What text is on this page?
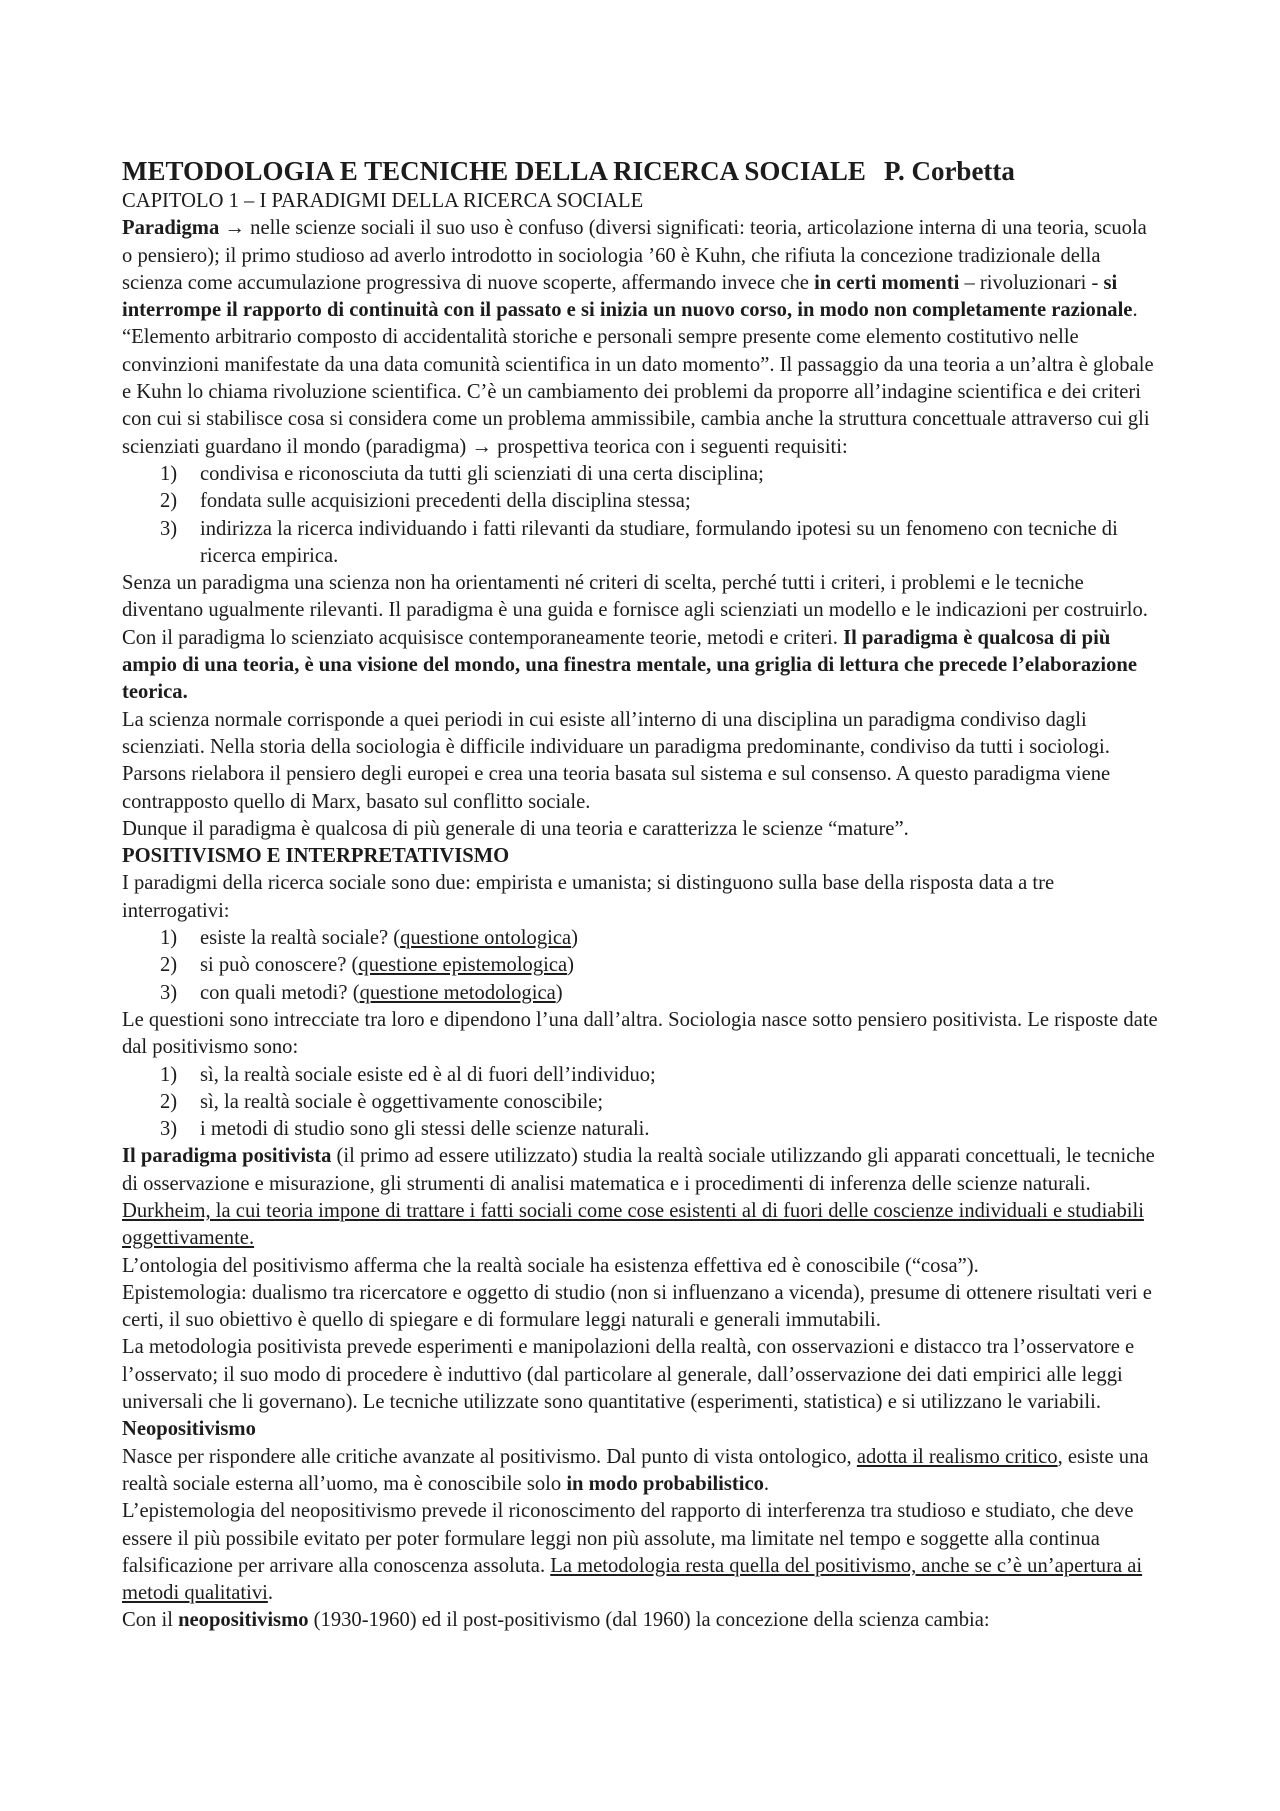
METODOLOGIA E TECNICHE DELLA RICERCA SOCIALE P. Corbetta

CAPITOLO 1 – I PARADIGMI DELLA RICERCA SOCIALE

Paradigma → nelle scienze sociali il suo uso è confuso (diversi significati: teoria, articolazione interna di una teoria, scuola o pensiero); il primo studioso ad averlo introdotto in sociologia ’60 è Kuhn, che rifiuta la concezione tradizionale della scienza come accumulazione progressiva di nuove scoperte, affermando invece che in certi momenti – rivoluzionari - si interrompe il rapporto di continuità con il passato e si inizia un nuovo corso, in modo non completamente razionale. “Elemento arbitrario composto di accidentalità storiche e personali sempre presente come elemento costitutivo nelle convinzioni manifestate da una data comunità scientifica in un dato momento”. Il passaggio da una teoria a un’altra è globale e Kuhn lo chiama rivoluzione scientifica. C’è un cambiamento dei problemi da proporre all’indagine scientifica e dei criteri con cui si stabilisce cosa si considera come un problema ammissibile, cambia anche la struttura concettuale attraverso cui gli scienziati guardano il mondo (paradigma) → prospettiva teorica con i seguenti requisiti:

1) condivisa e riconosciuta da tutti gli scienziati di una certa disciplina;
2) fondata sulle acquisizioni precedenti della disciplina stessa;
3) indirizza la ricerca individuando i fatti rilevanti da studiare, formulando ipotesi su un fenomeno con tecniche di ricerca empirica.

Senza un paradigma una scienza non ha orientamenti né criteri di scelta, perché tutti i criteri, i problemi e le tecniche diventano ugualmente rilevanti. Il paradigma è una guida e fornisce agli scienziati un modello e le indicazioni per costruirlo. Con il paradigma lo scienziato acquisisce contemporaneamente teorie, metodi e criteri. Il paradigma è qualcosa di più ampio di una teoria, è una visione del mondo, una finestra mentale, una griglia di lettura che precede l’elaborazione teorica.

La scienza normale corrisponde a quei periodi in cui esiste all’interno di una disciplina un paradigma condiviso dagli scienziati. Nella storia della sociologia è difficile individuare un paradigma predominante, condiviso da tutti i sociologi. Parsons rielabora il pensiero degli europei e crea una teoria basata sul sistema e sul consenso. A questo paradigma viene contrapposto quello di Marx, basato sul conflitto sociale.

Dunque il paradigma è qualcosa di più generale di una teoria e caratterizza le scienze “mature”.

POSITIVISMO E INTERPRETATIVISMO

I paradigmi della ricerca sociale sono due: empirista e umanista; si distinguono sulla base della risposta data a tre interrogativi:

1) esiste la realtà sociale? (questione ontologica)
2) si può conoscere? (questione epistemologica)
3) con quali metodi? (questione metodologica)

Le questioni sono intrecciate tra loro e dipendono l’una dall’altra. Sociologia nasce sotto pensiero positivista. Le risposte date dal positivismo sono:

1) sì, la realtà sociale esiste ed è al di fuori dell’individuo;
2) sì, la realtà sociale è oggettivamente conoscibile;
3) i metodi di studio sono gli stessi delle scienze naturali.

Il paradigma positivista (il primo ad essere utilizzato) studia la realtà sociale utilizzando gli apparati concettuali, le tecniche di osservazione e misurazione, gli strumenti di analisi matematica e i procedimenti di inferenza delle scienze naturali. Durkheim, la cui teoria impone di trattare i fatti sociali come cose esistenti al di fuori delle coscienze individuali e studiabili oggettivamente.

L’ontologia del positivismo afferma che la realtà sociale ha esistenza effettiva ed è conoscibile (“cosa”).

Epistemologia: dualismo tra ricercatore e oggetto di studio (non si influenzano a vicenda), presume di ottenere risultati veri e certi, il suo obiettivo è quello di spiegare e di formulare leggi naturali e generali immutabili.

La metodologia positivista prevede esperimenti e manipolazioni della realtà, con osservazioni e distacco tra l’osservatore e l’osservato; il suo modo di procedere è induttivo (dal particolare al generale, dall’osservazione dei dati empirici alle leggi universali che li governano). Le tecniche utilizzate sono quantitative (esperimenti, statistica) e si utilizzano le variabili.

Neopositivismo

Nasce per rispondere alle critiche avanzate al positivismo. Dal punto di vista ontologico, adotta il realismo critico, esiste una realtà sociale esterna all’uomo, ma è conoscibile solo in modo probabilistico.

L’epistemologia del neopositivismo prevede il riconoscimento del rapporto di interferenza tra studioso e studiato, che deve essere il più possibile evitato per poter formulare leggi non più assolute, ma limitate nel tempo e soggette alla continua falsificazione per arrivare alla conoscenza assoluta. La metodologia resta quella del positivismo, anche se c’è un’apertura ai metodi qualitativi.

Con il neopositivismo (1930-1960) ed il post-positivismo (dal 1960) la concezione della scienza cambia:
